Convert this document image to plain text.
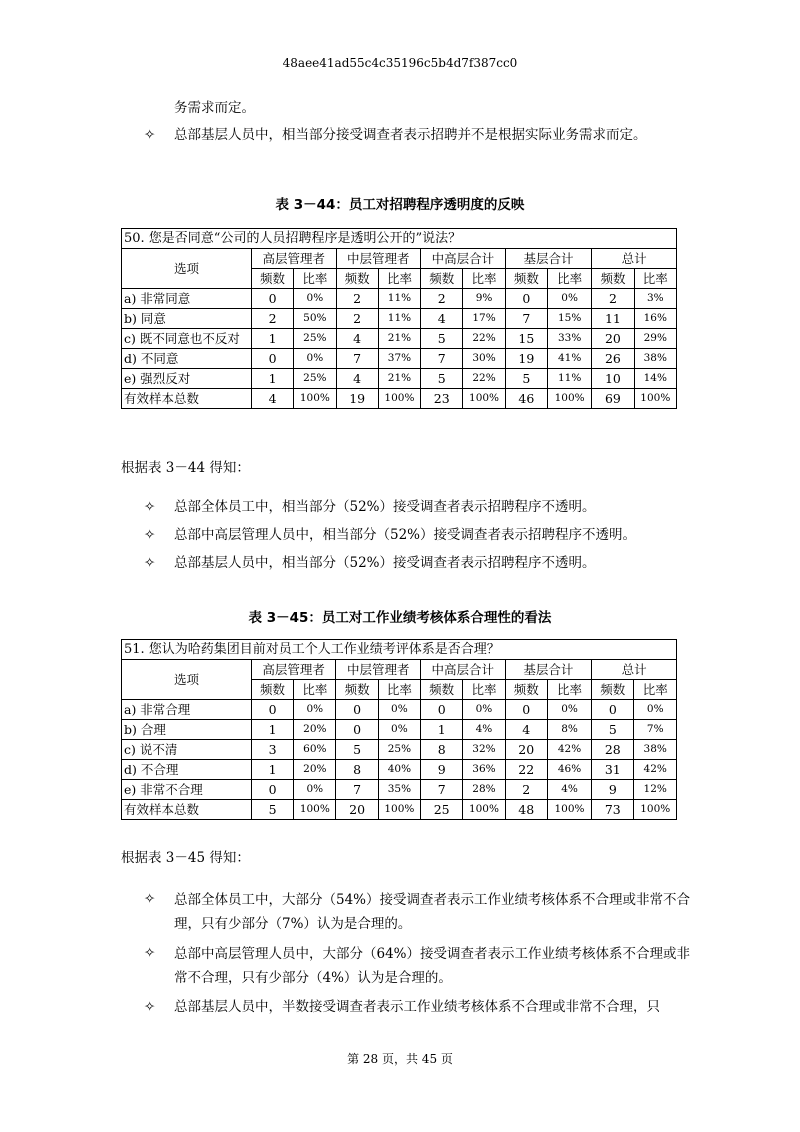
48aee41ad55c4c35196c5b4d7f387cc0
务需求而定。
✧	总部基层人员中，相当部分接受调查者表示招聘并不是根据实际业务需求而定。
表 3－44：员工对招聘程序透明度的反映
50. 您是否同意“公司的人员招聘程序是透明公开的”说法？										
选项	高层管理者		中层管理者		中高层合计		基层合计		总计	
	频数	比率	频数	比率	频数	比率	频数	比率	频数	比率
a) 非常同意	0	0%	2	11%	2	9%	0	0%	2	3%
b) 同意	2	50%	2	11%	4	17%	7	15%	11	16%
c) 既不同意也不反对	1	25%	4	21%	5	22%	15	33%	20	29%
d) 不同意	0	0%	7	37%	7	30%	19	41%	26	38%
e) 强烈反对	1	25%	4	21%	5	22%	5	11%	10	14%
有效样本总数	4	100%	19	100%	23	100%	46	100%	69	100%
根据表 3－44 得知：
✧	总部全体员工中，相当部分（52%）接受调查者表示招聘程序不透明。
✧	总部中高层管理人员中，相当部分（52%）接受调查者表示招聘程序不透明。
✧	总部基层人员中，相当部分（52%）接受调查者表示招聘程序不透明。
表 3－45：员工对工作业绩考核体系合理性的看法
51. 您认为哈药集团目前对员工个人工作业绩考评体系是否合理？										
选项	高层管理者		中层管理者		中高层合计		基层合计		总计	
	频数	比率	频数	比率	频数	比率	频数	比率	频数	比率
a) 非常合理	0	0%	0	0%	0	0%	0	0%	0	0%
b) 合理	1	20%	0	0%	1	4%	4	8%	5	7%
c) 说不清	3	60%	5	25%	8	32%	20	42%	28	38%
d) 不合理	1	20%	8	40%	9	36%	22	46%	31	42%
e) 非常不合理	0	0%	7	35%	7	28%	2	4%	9	12%
有效样本总数	5	100%	20	100%	25	100%	48	100%	73	100%
根据表 3－45 得知：
✧	总部全体员工中，大部分（54%）接受调查者表示工作业绩考核体系不合理或非常不合理，只有少部分（7%）认为是合理的。
✧	总部中高层管理人员中，大部分（64%）接受调查者表示工作业绩考核体系不合理或非常不合理，只有少部分（4%）认为是合理的。
✧	总部基层人员中，半数接受调查者表示工作业绩考核体系不合理或非常不合理，只
第 28 页，共 45 页
